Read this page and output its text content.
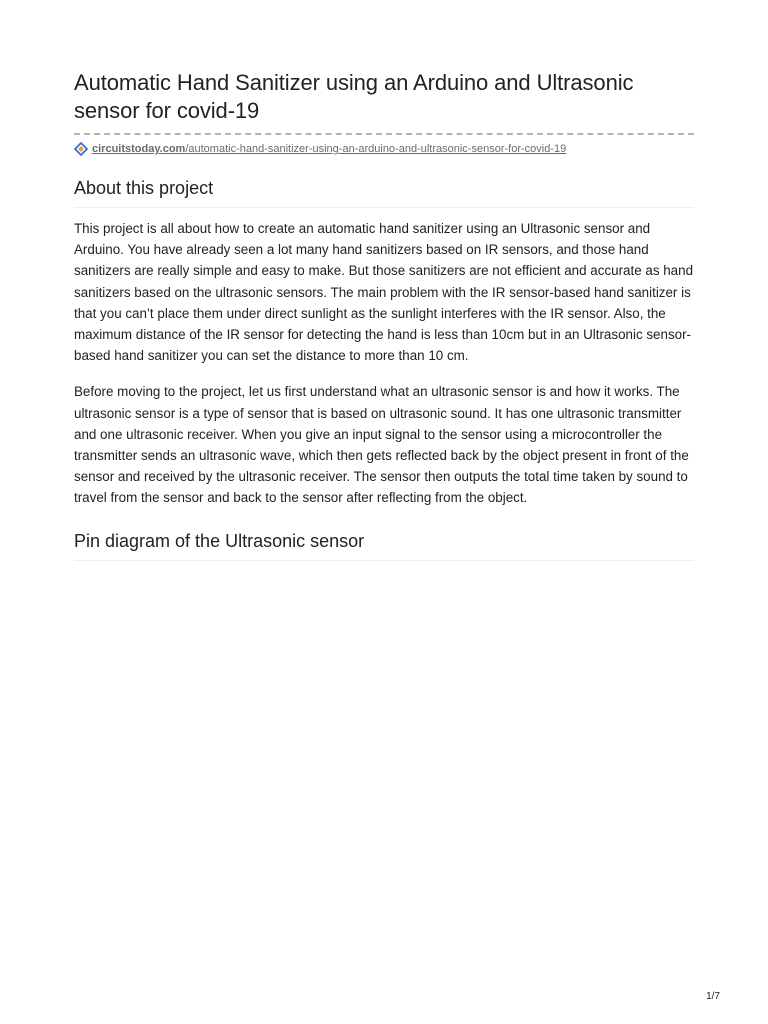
Automatic Hand Sanitizer using an Arduino and Ultrasonic sensor for covid-19
circuitstoday.com /automatic-hand-sanitizer-using-an-arduino-and-ultrasonic-sensor-for-covid-19
About this project

This project is all about how to create an automatic hand sanitizer using an Ultrasonic sensor and Arduino. You have already seen a lot many hand sanitizers based on IR sensors, and those hand sanitizers are really simple and easy to make. But those sanitizers are not efficient and accurate as hand sanitizers based on the ultrasonic sensors. The main problem with the IR sensor-based hand sanitizer is that you can’t place them under direct sunlight as the sunlight interferes with the IR sensor. Also, the maximum distance of the IR sensor for detecting the hand is less than 10cm but in an Ultrasonic sensor-based hand sanitizer you can set the distance to more than 10 cm.

Before moving to the project, let us first understand what an ultrasonic sensor is and how it works. The ultrasonic sensor is a type of sensor that is based on ultrasonic sound. It has one ultrasonic transmitter and one ultrasonic receiver. When you give an input signal to the sensor using a microcontroller the transmitter sends an ultrasonic wave, which then gets reflected back by the object present in front of the sensor and received by the ultrasonic receiver. The sensor then outputs the total time taken by sound to travel from the sensor and back to the sensor after reflecting from the object.

Pin diagram of the Ultrasonic sensor
1/7
